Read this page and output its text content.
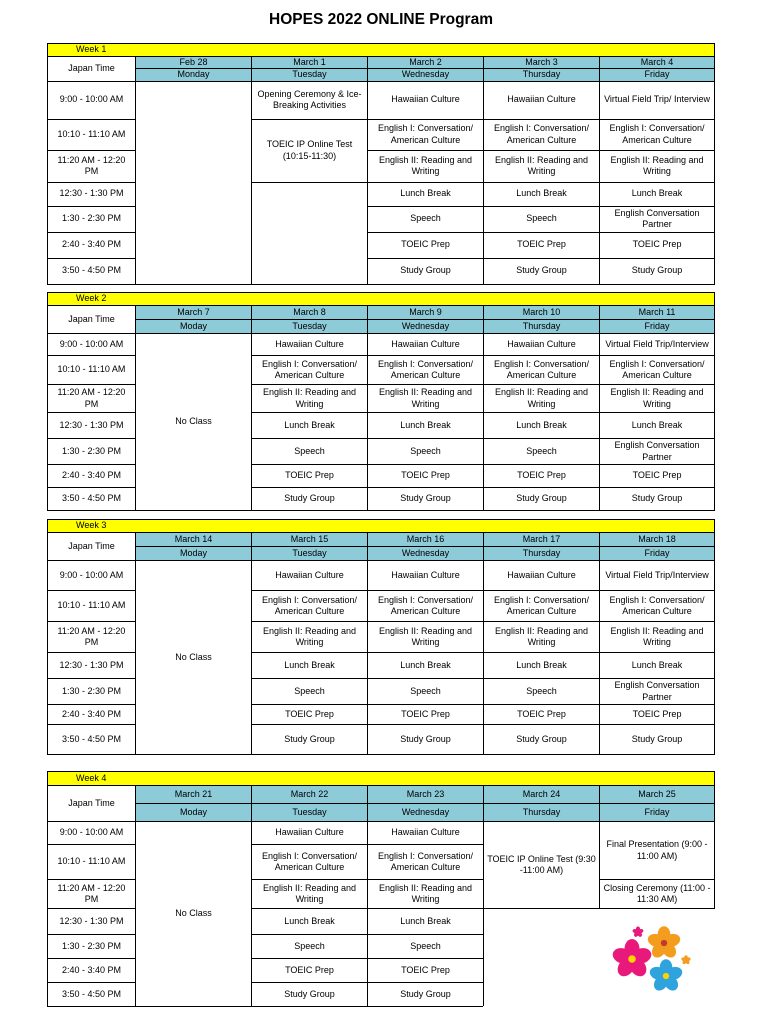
HOPES 2022 ONLINE Program
Week 1					
Japan Time	Feb 28	March 1	March 2	March 3	March 4
	Monday	Tuesday	Wednesday	Thursday	Friday
9:00 - 10:00 AM		Opening Ceremony & Ice-Breaking Activities	Hawaiian Culture	Hawaiian Culture	Virtual Field Trip/ Interview
10:10 - 11:10 AM		TOEIC IP Online Test (10:15-11:30)	English I: Conversation/ American Culture	English I: Conversation/ American Culture	English I: Conversation/ American Culture
11:20 AM - 12:20 PM			English II: Reading and Writing	English II: Reading and Writing	English II: Reading and Writing
12:30 - 1:30 PM			Lunch Break	Lunch Break	Lunch Break
1:30 - 2:30 PM			Speech	Speech	English Conversation Partner
2:40 - 3:40 PM			TOEIC Prep	TOEIC Prep	TOEIC Prep
3:50 - 4:50 PM			Study Group	Study Group	Study Group
Week 2					
Japan Time	March 7	March 8	March 9	March 10	March 11
	Moday	Tuesday	Wednesday	Thursday	Friday
9:00 - 10:00 AM	No Class	Hawaiian Culture	Hawaiian Culture	Hawaiian Culture	Virtual Field Trip/Interview
10:10 - 11:10 AM		English I: Conversation/ American Culture	English I: Conversation/ American Culture	English I: Conversation/ American Culture	English I: Conversation/ American Culture
11:20 AM - 12:20 PM		English II: Reading and Writing	English II: Reading and Writing	English II: Reading and Writing	English II: Reading and Writing
12:30 - 1:30 PM		Lunch Break	Lunch Break	Lunch Break	Lunch Break
1:30 - 2:30 PM		Speech	Speech	Speech	English Conversation Partner
2:40 - 3:40 PM		TOEIC Prep	TOEIC Prep	TOEIC Prep	TOEIC Prep
3:50 - 4:50 PM		Study Group	Study Group	Study Group	Study Group
Week 3					
Japan Time	March 14	March 15	March 16	March 17	March 18
	Moday	Tuesday	Wednesday	Thursday	Friday
9:00 - 10:00 AM	No Class	Hawaiian Culture	Hawaiian Culture	Hawaiian Culture	Virtual Field Trip/Interview
10:10 - 11:10 AM		English I: Conversation/ American Culture	English I: Conversation/ American Culture	English I: Conversation/ American Culture	English I: Conversation/ American Culture
11:20 AM - 12:20 PM		English II: Reading and Writing	English II: Reading and Writing	English II: Reading and Writing	English II: Reading and Writing
12:30 - 1:30 PM		Lunch Break	Lunch Break	Lunch Break	Lunch Break
1:30 - 2:30 PM		Speech	Speech	Speech	English Conversation Partner
2:40 - 3:40 PM		TOEIC Prep	TOEIC Prep	TOEIC Prep	TOEIC Prep
3:50 - 4:50 PM		Study Group	Study Group	Study Group	Study Group
Week 4					
Japan Time	March 21	March 22	March 23	March 24	March 25
	Moday	Tuesday	Wednesday	Thursday	Friday
9:00 - 10:00 AM	No Class	Hawaiian Culture	Hawaiian Culture	TOEIC IP Online Test (9:30 -11:00 AM)	Final Presentation (9:00 - 11:00 AM)
10:10 - 11:10 AM		English I: Conversation/ American Culture	English I: Conversation/ American Culture		
11:20 AM - 12:20 PM		English II: Reading and Writing	English II: Reading and Writing		Closing Ceremony (11:00 - 11:30 AM)
12:30 - 1:30 PM		Lunch Break	Lunch Break		
1:30 - 2:30 PM		Speech	Speech		
2:40 - 3:40 PM		TOEIC Prep	TOEIC Prep		
3:50 - 4:50 PM		Study Group	Study Group		
